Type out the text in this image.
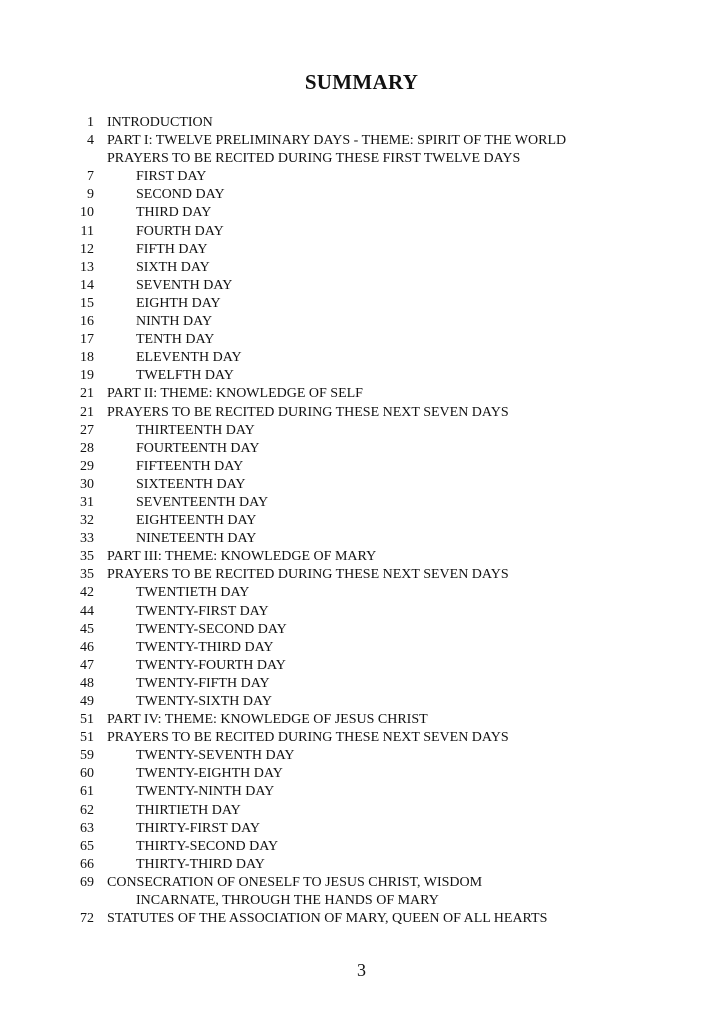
SUMMARY
1 INTRODUCTION
4 PART I: TWELVE PRELIMINARY DAYS - THEME: SPIRIT OF THE WORLD
PRAYERS TO BE RECITED DURING THESE FIRST TWELVE DAYS
7	FIRST DAY
9	SECOND DAY
10	THIRD DAY
11	FOURTH DAY
12	FIFTH DAY
13	SIXTH DAY
14	SEVENTH DAY
15	EIGHTH DAY
16	NINTH DAY
17	TENTH DAY
18	ELEVENTH DAY
19	TWELFTH DAY
21 PART II: THEME: KNOWLEDGE OF SELF
21 PRAYERS TO BE RECITED DURING THESE NEXT SEVEN DAYS
27	THIRTEENTH DAY
28	FOURTEENTH DAY
29	FIFTEENTH DAY
30	SIXTEENTH DAY
31	SEVENTEENTH DAY
32	EIGHTEENTH DAY
33	NINETEENTH DAY
35 PART III: THEME: KNOWLEDGE OF MARY
35 PRAYERS TO BE RECITED DURING THESE NEXT SEVEN DAYS
42	TWENTIETH DAY
44	TWENTY-FIRST DAY
45	TWENTY-SECOND DAY
46	TWENTY-THIRD DAY
47	TWENTY-FOURTH DAY
48	TWENTY-FIFTH DAY
49	TWENTY-SIXTH DAY
51 PART IV: THEME: KNOWLEDGE OF JESUS CHRIST
51 PRAYERS TO BE RECITED DURING THESE NEXT SEVEN DAYS
59	TWENTY-SEVENTH DAY
60	TWENTY-EIGHTH DAY
61	TWENTY-NINTH DAY
62	THIRTIETH DAY
63	THIRTY-FIRST DAY
65	THIRTY-SECOND DAY
66	THIRTY-THIRD DAY
69 CONSECRATION OF ONESELF TO JESUS CHRIST, WISDOM
INCARNATE, THROUGH THE HANDS OF MARY
72 STATUTES OF THE ASSOCIATION OF MARY, QUEEN OF ALL HEARTS
3
